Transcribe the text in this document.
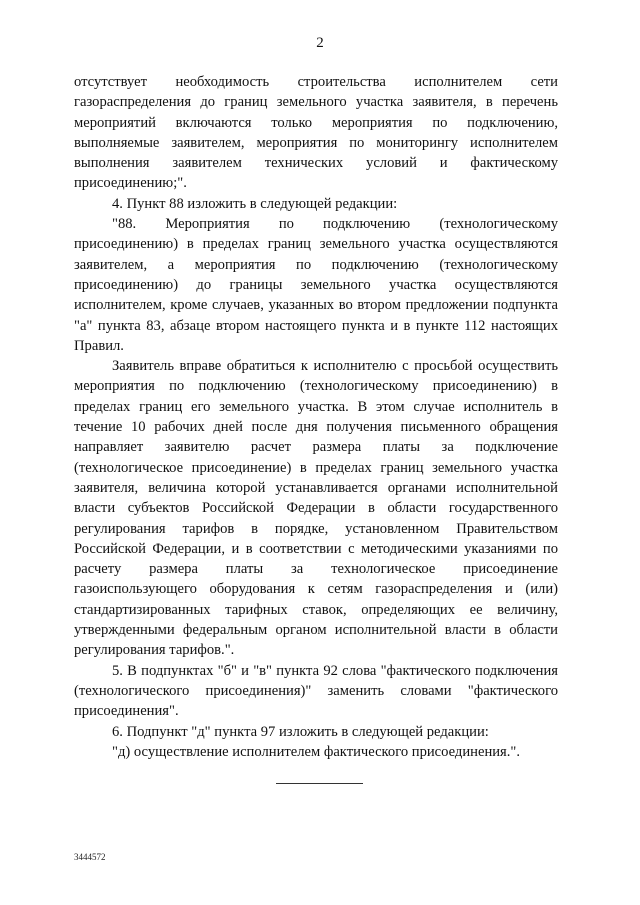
2

отсутствует необходимость строительства исполнителем сети газораспределения до границ земельного участка заявителя, в перечень мероприятий включаются только мероприятия по подключению, выполняемые заявителем, мероприятия по мониторингу исполнителем выполнения заявителем технических условий и фактическому присоединению;".

4. Пункт 88 изложить в следующей редакции:

"88. Мероприятия по подключению (технологическому присоединению) в пределах границ земельного участка осуществляются заявителем, а мероприятия по подключению (технологическому присоединению) до границы земельного участка осуществляются исполнителем, кроме случаев, указанных во втором предложении подпункта "а" пункта 83, абзаце втором настоящего пункта и в пункте 112 настоящих Правил.

Заявитель вправе обратиться к исполнителю с просьбой осуществить мероприятия по подключению (технологическому присоединению) в пределах границ его земельного участка. В этом случае исполнитель в течение 10 рабочих дней после дня получения письменного обращения направляет заявителю расчет размера платы за подключение (технологическое присоединение) в пределах границ земельного участка заявителя, величина которой устанавливается органами исполнительной власти субъектов Российской Федерации в области государственного регулирования тарифов в порядке, установленном Правительством Российской Федерации, и в соответствии с методическими указаниями по расчету размера платы за технологическое присоединение газоиспользующего оборудования к сетям газораспределения и (или) стандартизированных тарифных ставок, определяющих ее величину, утвержденными федеральным органом исполнительной власти в области регулирования тарифов.".

5. В подпунктах "б" и "в" пункта 92 слова "фактического подключения (технологического присоединения)" заменить словами "фактического присоединения".

6. Подпункт "д" пункта 97 изложить в следующей редакции:

"д) осуществление исполнителем фактического присоединения.".

3444572
